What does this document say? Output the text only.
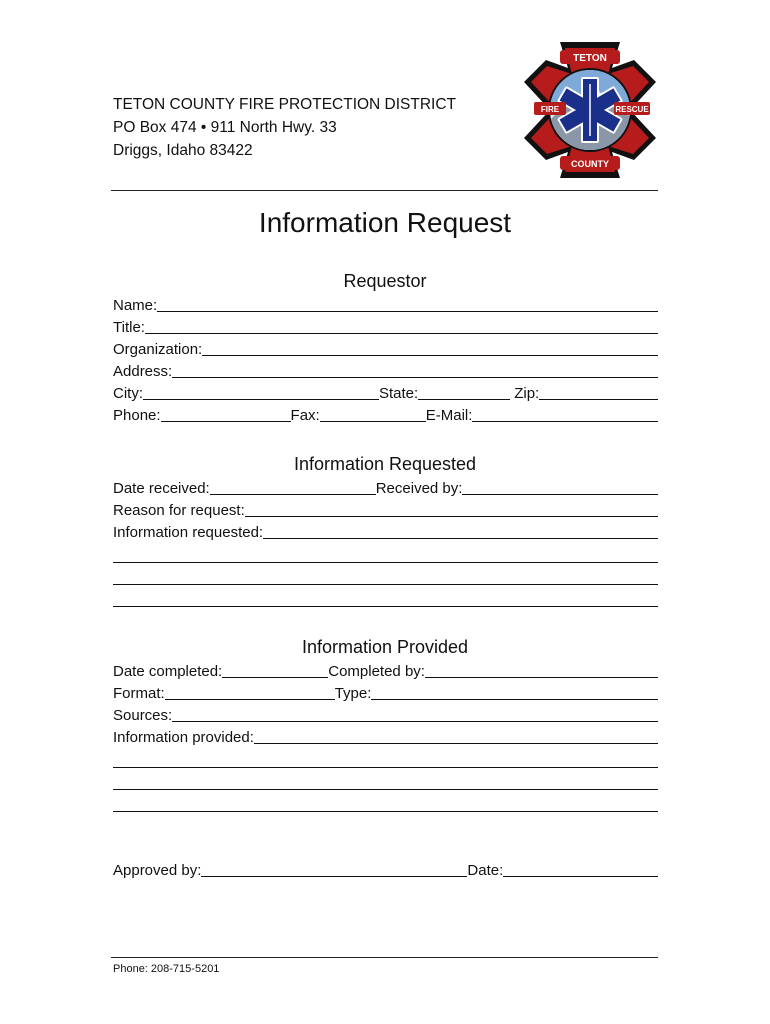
TETON COUNTY FIRE PROTECTION DISTRICT
PO Box 474 • 911 North Hwy. 33
Driggs, Idaho 83422
TETON
FIRE	RESCUE
COUNTY
Information Request
Requestor
Name:
Title:
Organization:
Address:
City:	State:	Zip:
Phone:	Fax:	E-Mail:
Information Requested
Date received:	Received by:
Reason for request:
Information requested:
Information Provided
Date completed:	Completed by:
Format:	Type:
Sources:
Information provided:
Approved by:	Date:
Phone: 208-715-5201
